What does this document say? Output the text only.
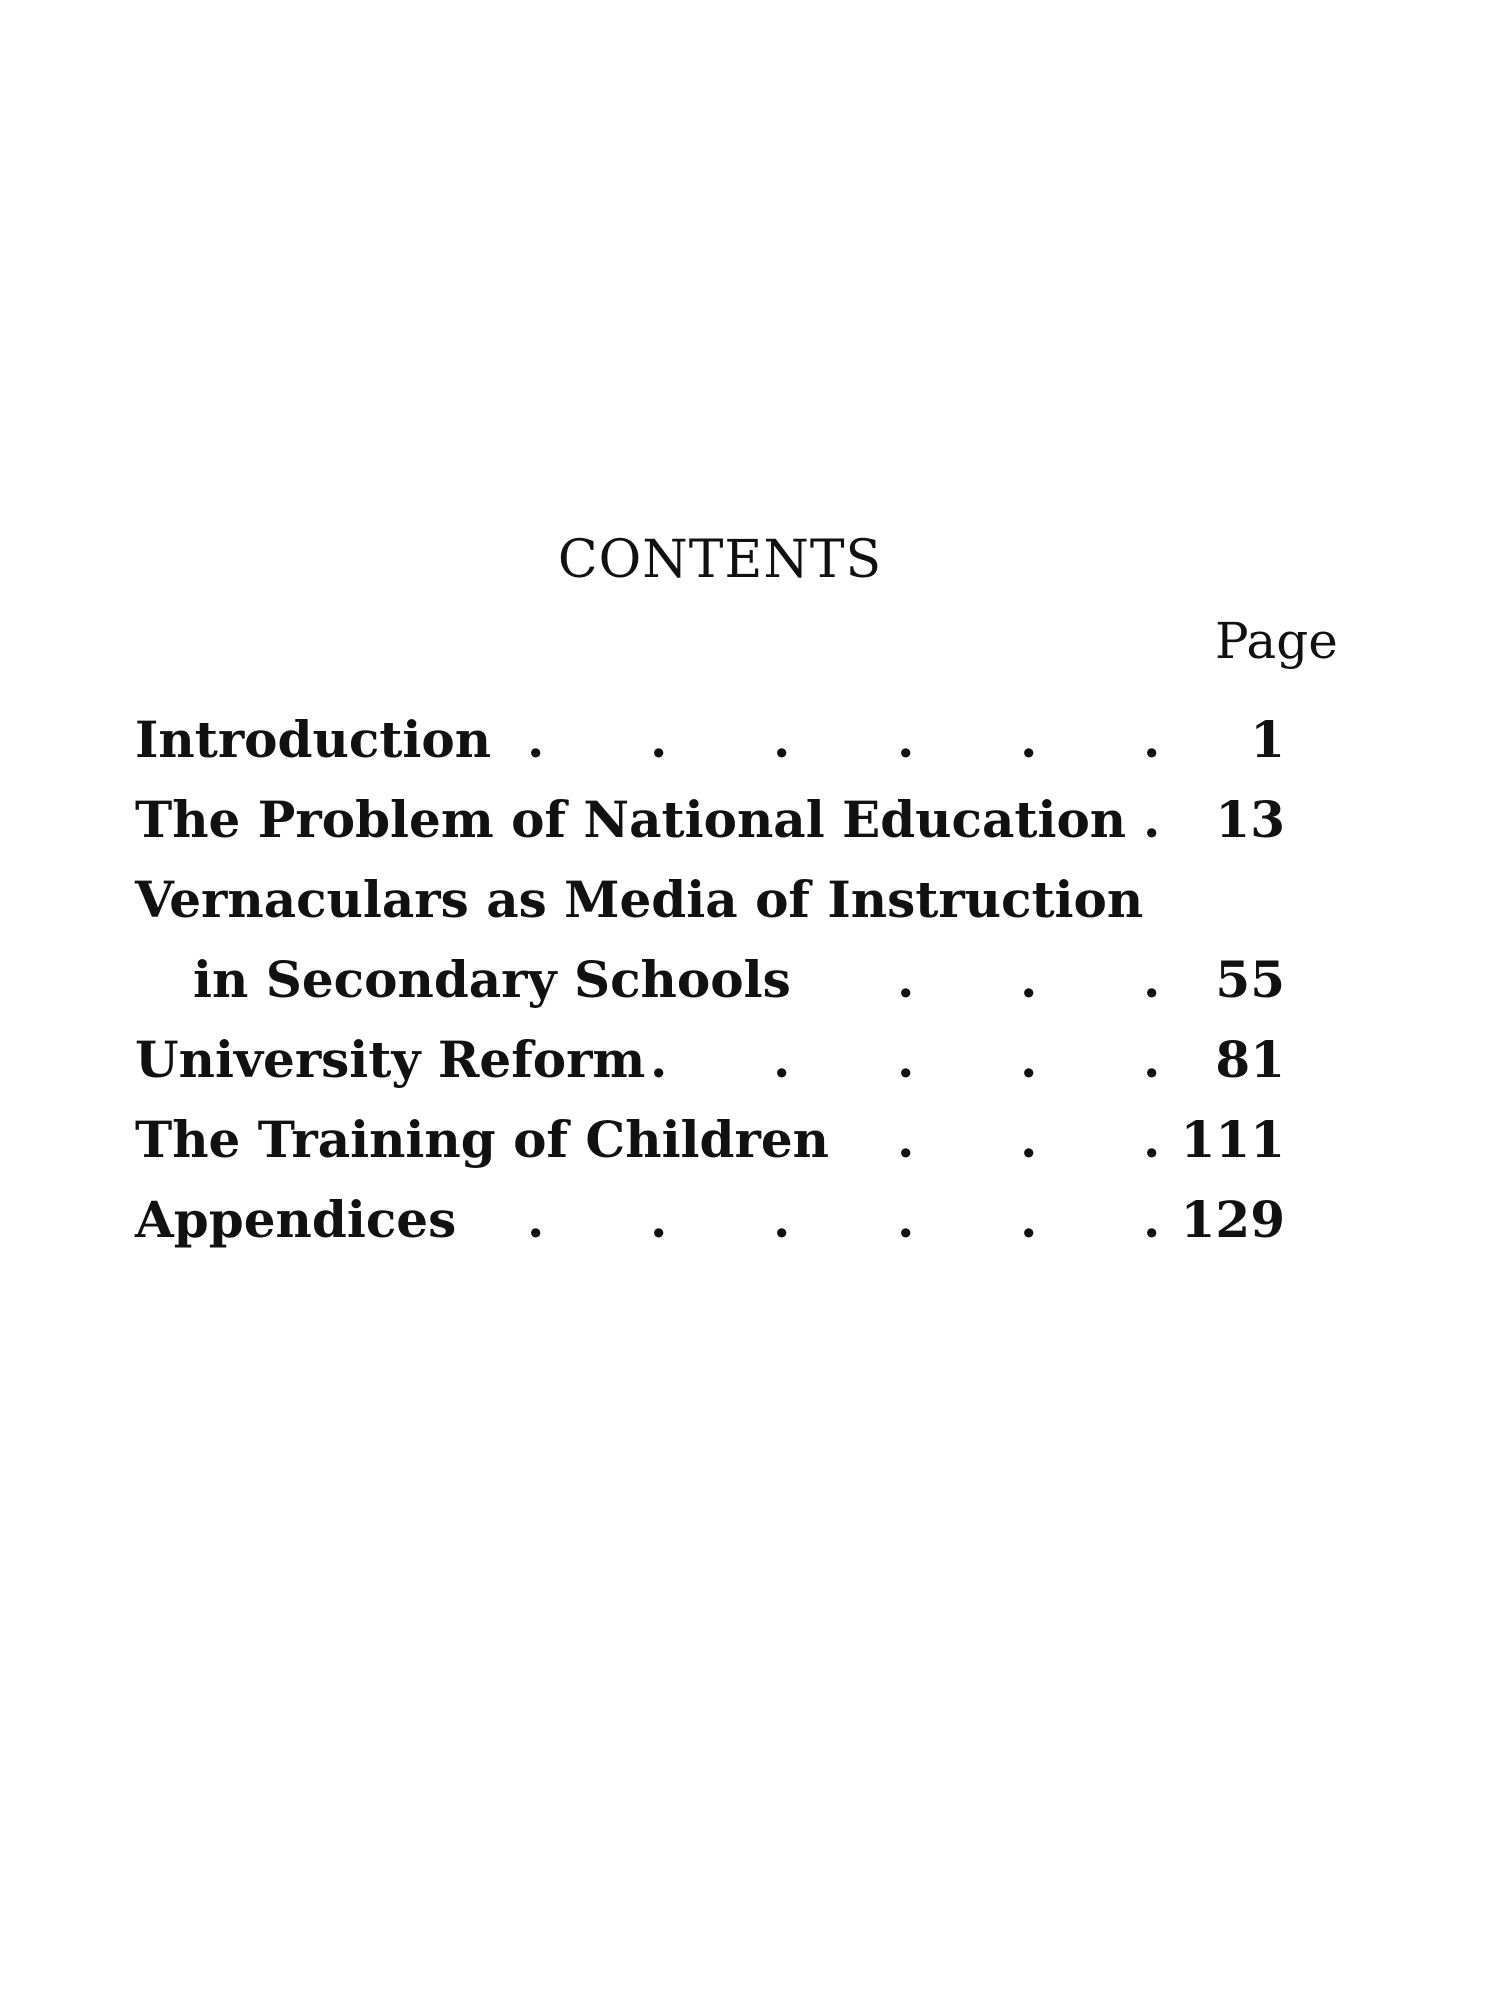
CONTENTS
Page
Introduction . . . . . .	1
The Problem of National Education .	13
Vernaculars as Media of Instruction
in Secondary Schools . . .	55
University Reform . . . . .	81
The Training of Children . . . 111
Appendices . . . . . . 129
